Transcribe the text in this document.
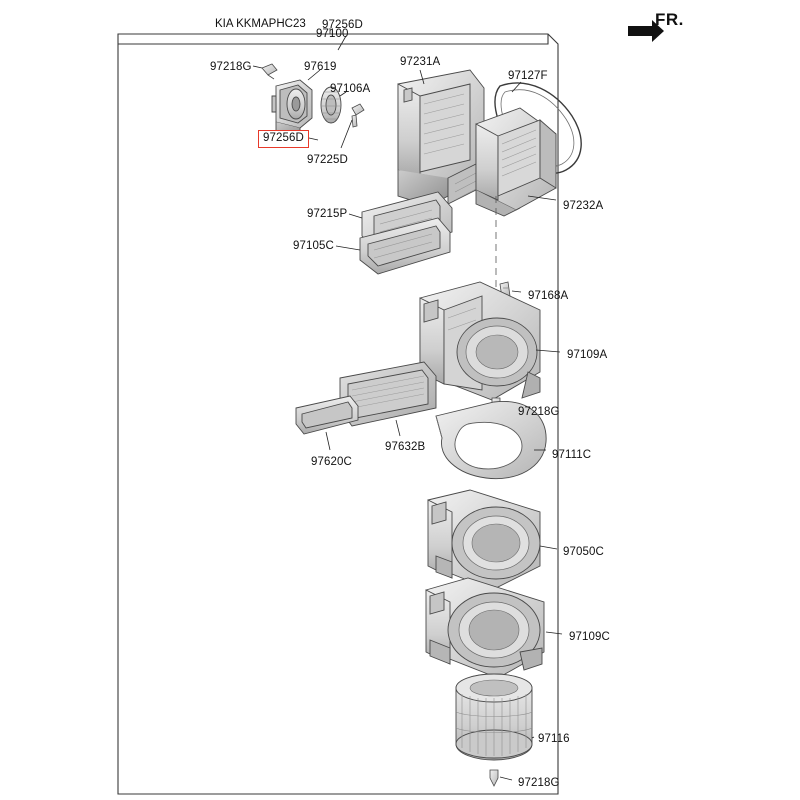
KIA KKMAPHC23	FR.
97256D
97100
97218G	97619	97231A
97127F
97106A
97256D
97225D
97232A
97215P
97105C
97168A
97109A
97218G
97111C
97632B
97620C
97050C
97109C
97116
97218G
